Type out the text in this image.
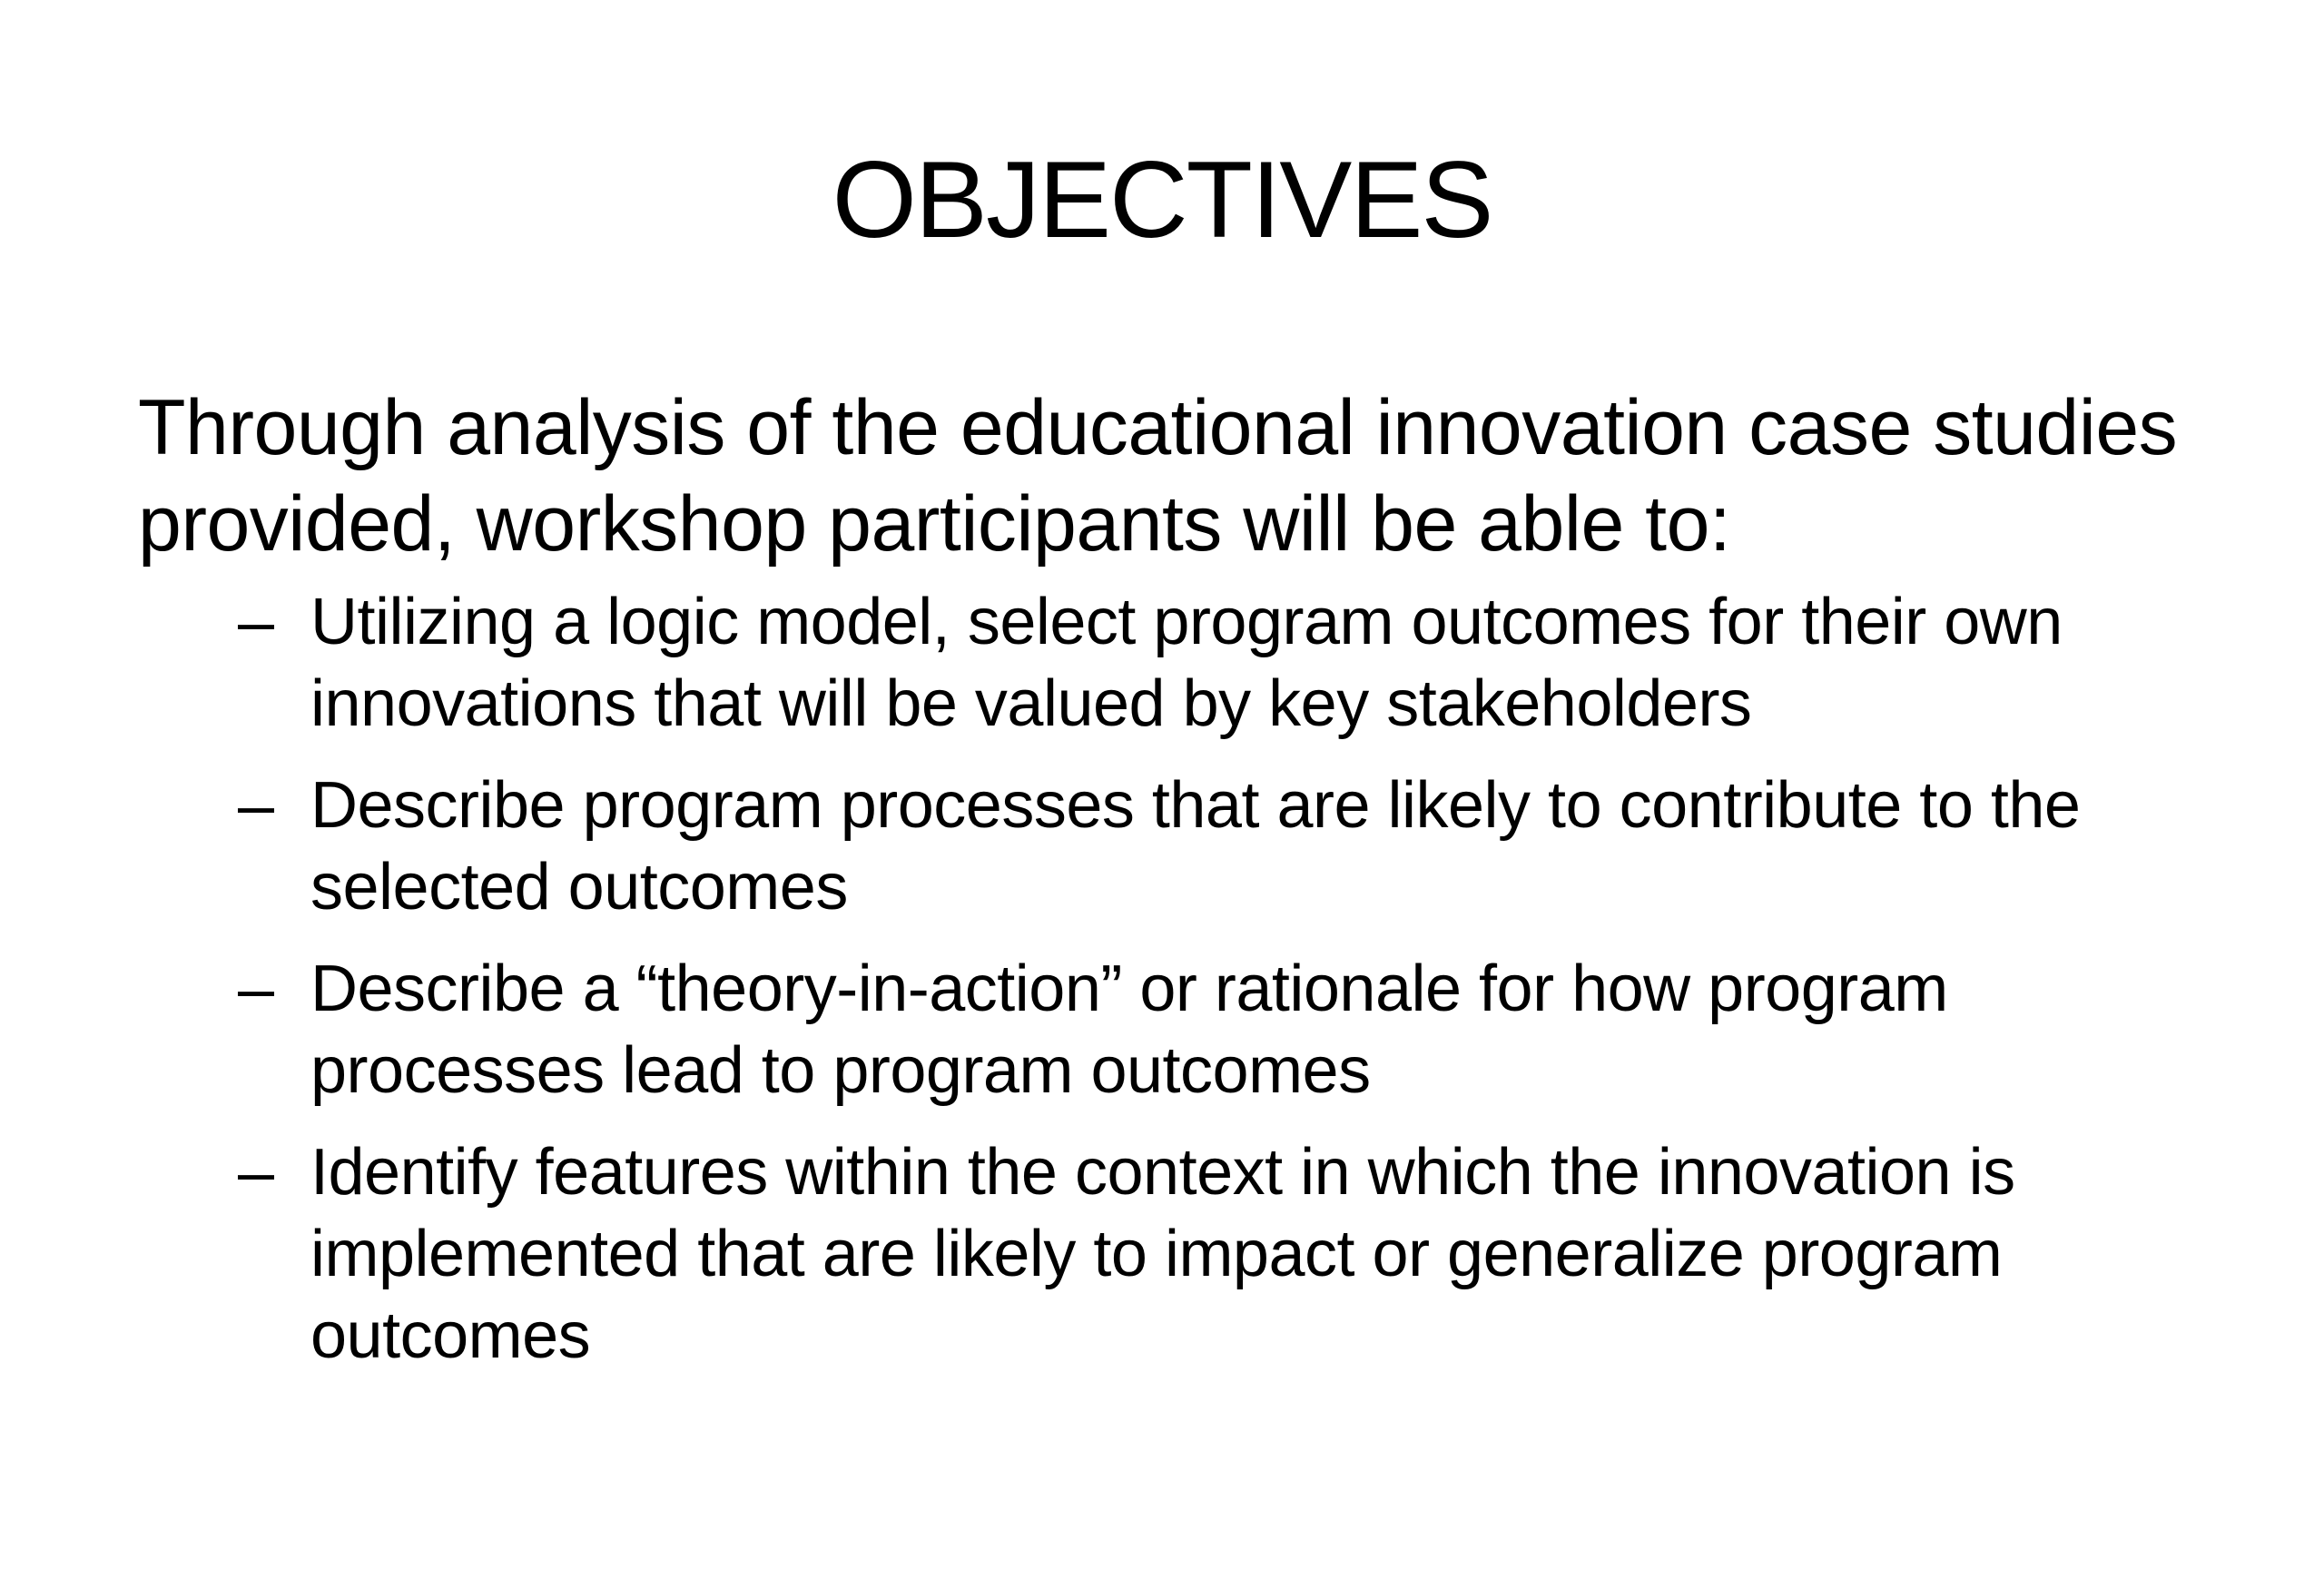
OBJECTIVES

Through analysis of the educational innovation case studies provided, workshop participants will be able to:

– Utilizing a logic model, select program outcomes for their own innovations that will be valued by key stakeholders
– Describe program processes that are likely to contribute to the selected outcomes
– Describe a “theory-in-action” or rationale for how program processes lead to program outcomes
– Identify features within the context in which the innovation is implemented that are likely to impact or generalize program outcomes
